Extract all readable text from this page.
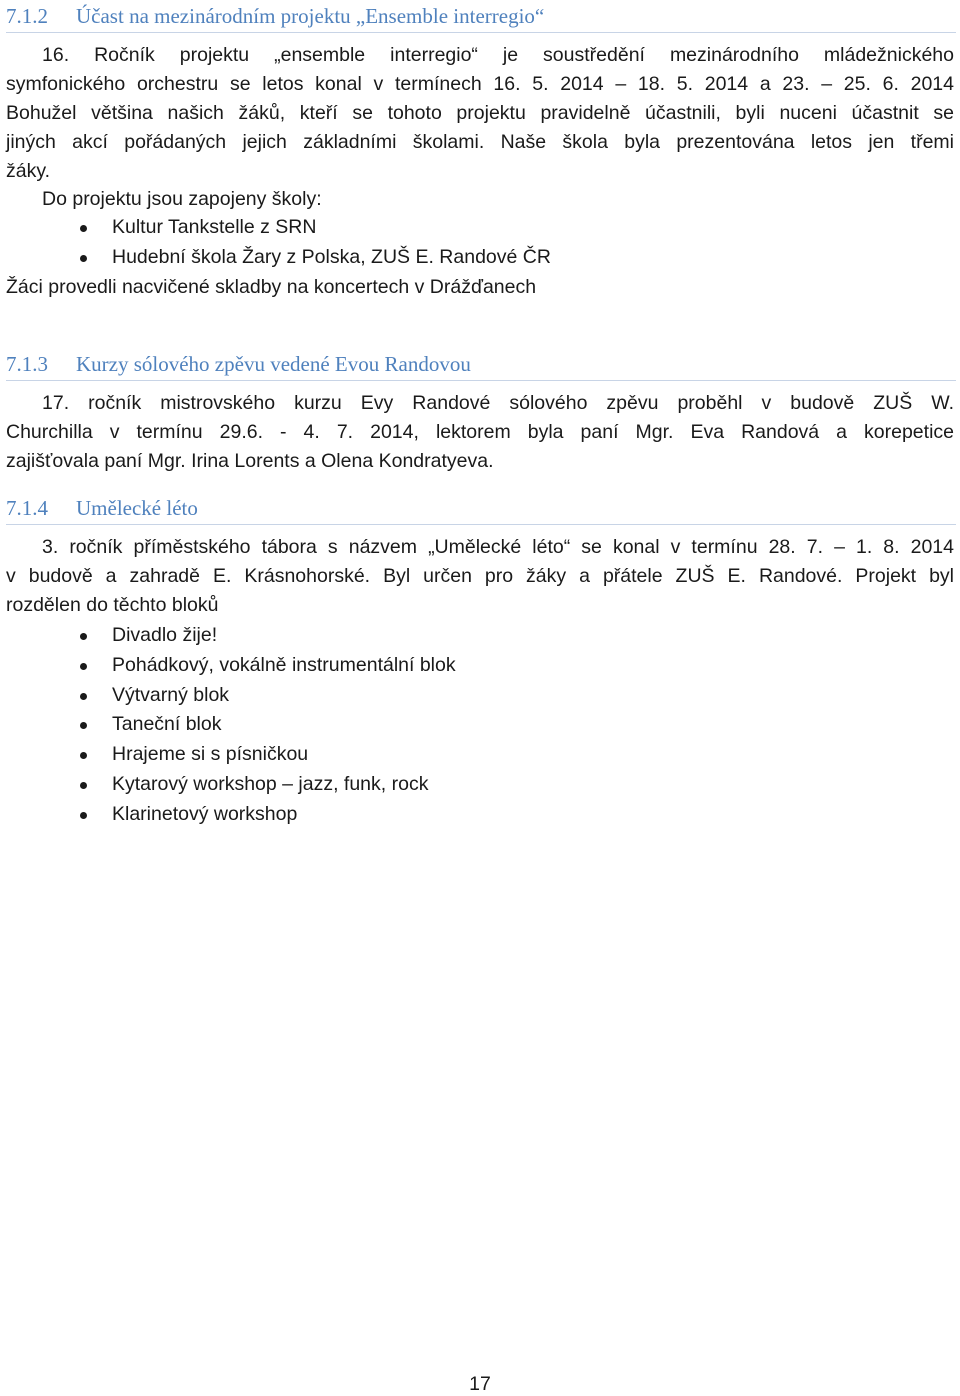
7.1.2 Účast na mezinárodním projektu „Ensemble interregio“
16. Ročník projektu „ensemble interregio“ je soustředění mezinárodního mládežnického
symfonického orchestru se letos konal v termínech 16. 5. 2014 – 18. 5. 2014 a 23. – 25. 6. 2014
Bohužel většina našich žáků, kteří se tohoto projektu pravidelně účastnili, byli nuceni účastnit se
jiných akcí pořádaných jejich základními školami. Naše škola byla prezentována letos jen třemi
žáky.
Do projektu jsou zapojeny školy:
Kultur Tankstelle z SRN
Hudební škola Žary z Polska, ZUŠ E. Randové ČR
Žáci provedli nacvičené skladby na koncertech v Drážďanech
7.1.3 Kurzy sólového zpěvu vedené Evou Randovou
17. ročník mistrovského kurzu Evy Randové sólového zpěvu proběhl v budově ZUŠ W.
Churchilla v termínu 29.6. - 4. 7. 2014, lektorem byla paní Mgr. Eva Randová a korepetice
zajišťovala paní Mgr. Irina Lorents a Olena Kondratyeva.
7.1.4 Umělecké léto
3. ročník příměstského tábora s názvem „Umělecké léto“ se konal v termínu 28. 7. – 1. 8. 2014
v budově a zahradě E. Krásnohorské. Byl určen pro žáky a přátele ZUŠ E. Randové. Projekt byl
rozdělen do těchto bloků
Divadlo žije!
Pohádkový, vokálně instrumentální blok
Výtvarný blok
Taneční blok
Hrajeme si s písničkou
Kytarový workshop – jazz, funk, rock
Klarinetový workshop
17
